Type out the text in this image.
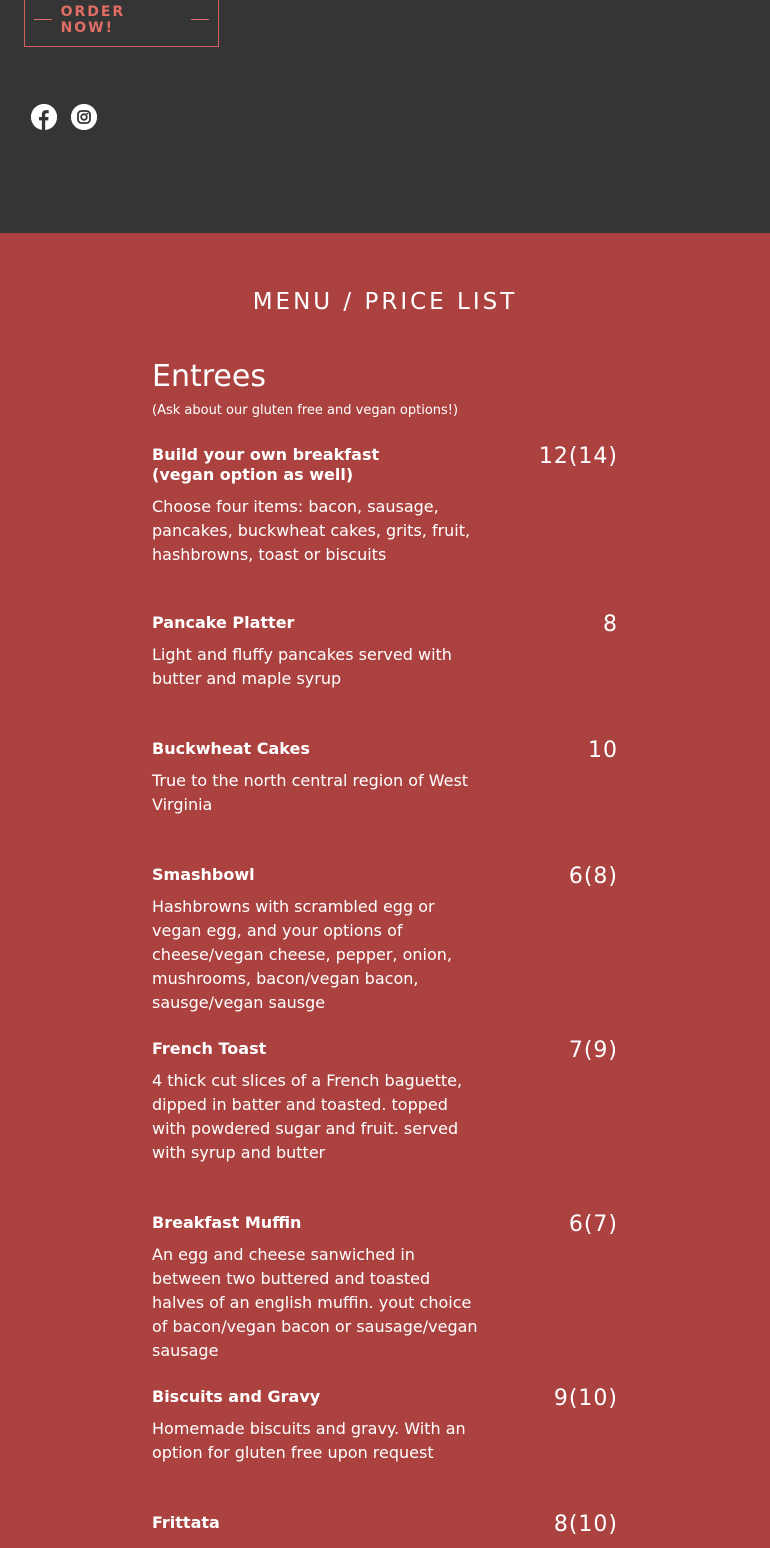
ORDER NOW!
MENU / PRICE LIST
Entrees
(Ask about our gluten free and vegan options!)
Build your own breakfast (vegan option as well)
12(14)
Choose four items: bacon, sausage, pancakes, buckwheat cakes, grits, fruit, hashbrowns, toast or biscuits
Pancake Platter	8
Light and fluffy pancakes served with butter and maple syrup
Buckwheat Cakes	10
True to the north central region of West Virginia
Smashbowl	6(8)
Hashbrowns with scrambled egg or vegan egg, and your options of cheese/vegan cheese, pepper, onion, mushrooms, bacon/vegan bacon, sausge/vegan sausge
French Toast	7(9)
4 thick cut slices of a French baguette, dipped in batter and toasted. topped with powdered sugar and fruit. served with syrup and butter
Breakfast Muffin	6(7)
An egg and cheese sanwiched in between two buttered and toasted halves of an english muffin. yout choice of bacon/vegan bacon or sausage/vegan sausage
Biscuits and Gravy	9(10)
Homemade biscuits and gravy. With an option for gluten free upon request
Frittata	8(10)
